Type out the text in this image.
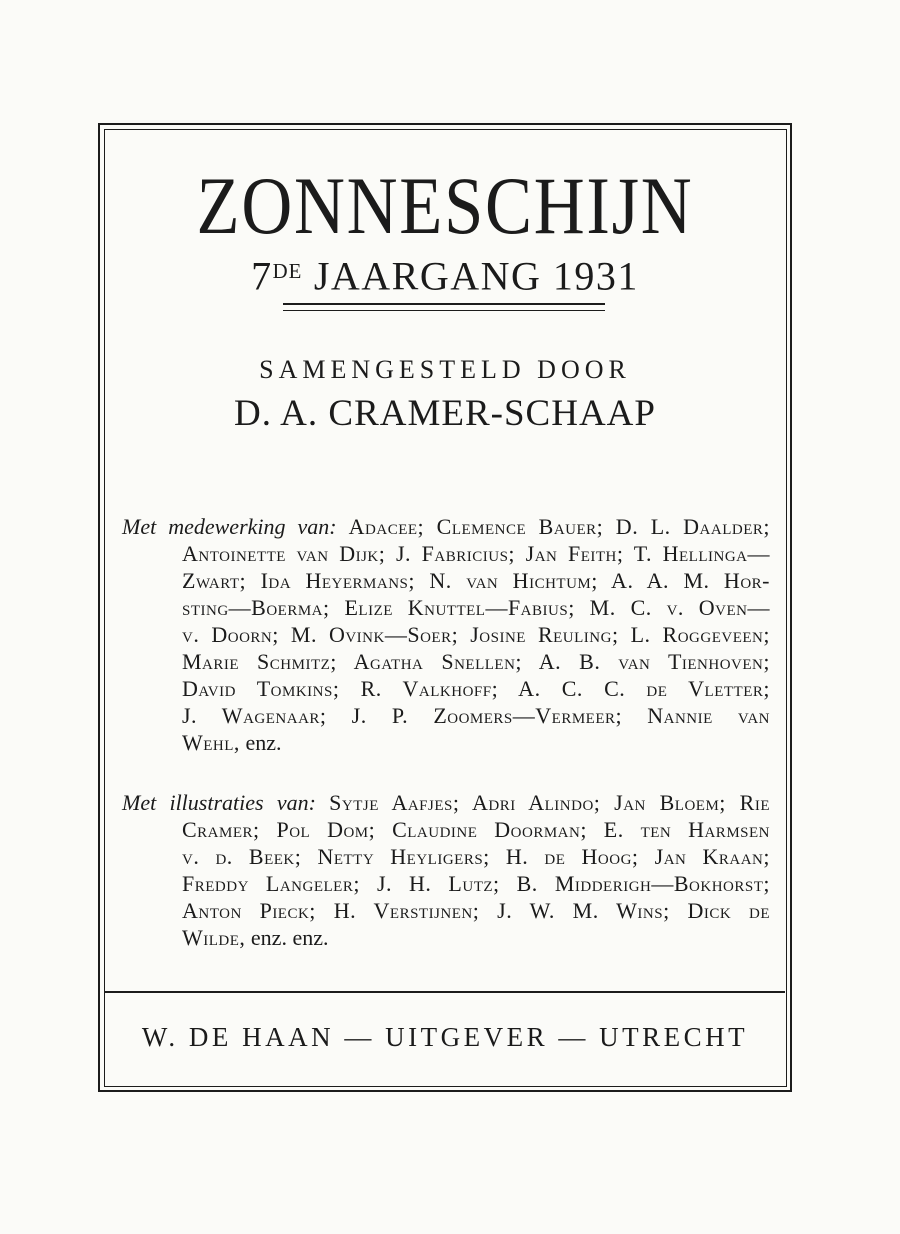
ZONNESCHIJN
7DE JAARGANG 1931
SAMENGESTELD DOOR
D. A. CRAMER-SCHAAP
Met medewerking van: Adacee; Clemence Bauer; D. L. Daalder;
Antoinette van Dijk; J. Fabricius; Jan Feith; T. Hellinga—
Zwart; Ida Heyermans; N. van Hichtum; A. A. M. Hor-
sting—Boerma; Elize Knuttel—Fabius; M. C. v. Oven—
v. Doorn; M. Ovink—Soer; Josine Reuling; L. Roggeveen;
Marie Schmitz; Agatha Snellen; A. B. van Tienhoven;
David Tomkins; R. Valkhoff; A. C. C. de Vletter;
J. Wagenaar; J. P. Zoomers—Vermeer; Nannie van
Wehl, enz.
Met illustraties van: Sytje Aafjes; Adri Alindo; Jan Bloem; Rie
Cramer; Pol Dom; Claudine Doorman; E. ten Harmsen
v. d. Beek; Netty Heyligers; H. de Hoog; Jan Kraan;
Freddy Langeler; J. H. Lutz; B. Midderigh—Bokhorst;
Anton Pieck; H. Verstijnen; J. W. M. Wins; Dick de
Wilde, enz. enz.
W. DE HAAN — UITGEVER — UTRECHT
